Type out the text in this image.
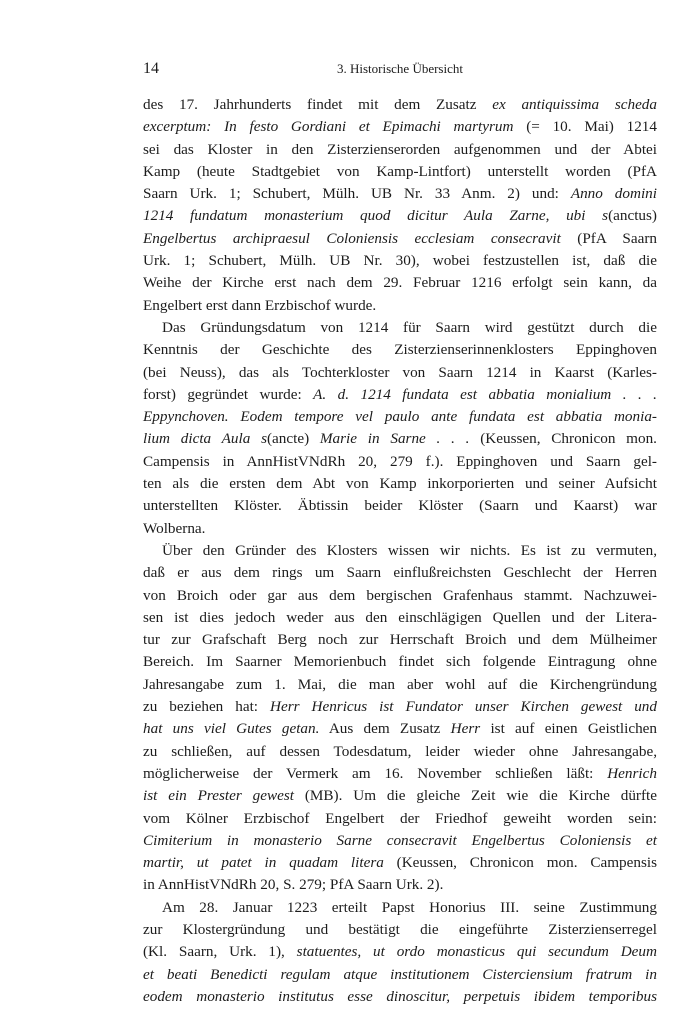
14	3. Historische Übersicht
des 17. Jahrhunderts findet mit dem Zusatz ex antiquissima scheda
excerptum: In festo Gordiani et Epimachi martyrum (= 10. Mai) 1214
sei das Kloster in den Zisterzienserorden aufgenommen und der Abtei
Kamp (heute Stadtgebiet von Kamp-Lintfort) unterstellt worden (PfA
Saarn Urk. 1; Schubert, Mülh. UB Nr. 33 Anm. 2) und: Anno domini
1214 fundatum monasterium quod dicitur Aula Zarne, ubi s(anctus)
Engelbertus archipraesul Coloniensis ecclesiam consecravit (PfA Saarn
Urk. 1; Schubert, Mülh. UB Nr. 30), wobei festzustellen ist, daß die
Weihe der Kirche erst nach dem 29. Februar 1216 erfolgt sein kann, da
Engelbert erst dann Erzbischof wurde.
Das Gründungsdatum von 1214 für Saarn wird gestützt durch die
Kenntnis der Geschichte des Zisterzienserinnenklosters Eppinghoven
(bei Neuss), das als Tochterkloster von Saarn 1214 in Kaarst (Karles-
forst) gegründet wurde: A. d. 1214 fundata est abbatia monialium . . .
Eppynchoven. Eodem tempore vel paulo ante fundata est abbatia monia-
lium dicta Aula s(ancte) Marie in Sarne . . . (Keussen, Chronicon mon.
Campensis in AnnHistVNdRh 20, 279 f.). Eppinghoven und Saarn gel-
ten als die ersten dem Abt von Kamp inkorporierten und seiner Aufsicht
unterstellten Klöster. Äbtissin beider Klöster (Saarn und Kaarst) war
Wolberna.
Über den Gründer des Klosters wissen wir nichts. Es ist zu vermuten,
daß er aus dem rings um Saarn einflußreichsten Geschlecht der Herren
von Broich oder gar aus dem bergischen Grafenhaus stammt. Nachzuwei-
sen ist dies jedoch weder aus den einschlägigen Quellen und der Litera-
tur zur Grafschaft Berg noch zur Herrschaft Broich und dem Mülheimer
Bereich. Im Saarner Memorienbuch findet sich folgende Eintragung ohne
Jahresangabe zum 1. Mai, die man aber wohl auf die Kirchengründung
zu beziehen hat: Herr Henricus ist Fundator unser Kirchen gewest und
hat uns viel Gutes getan. Aus dem Zusatz Herr ist auf einen Geistlichen
zu schließen, auf dessen Todesdatum, leider wieder ohne Jahresangabe,
möglicherweise der Vermerk am 16. November schließen läßt: Henrich
ist ein Prester gewest (MB). Um die gleiche Zeit wie die Kirche dürfte
vom Kölner Erzbischof Engelbert der Friedhof geweiht worden sein:
Cimiterium in monasterio Sarne consecravit Engelbertus Coloniensis et
martir, ut patet in quadam litera (Keussen, Chronicon mon. Campensis
in AnnHistVNdRh 20, S. 279; PfA Saarn Urk. 2).
Am 28. Januar 1223 erteilt Papst Honorius III. seine Zustimmung
zur Klostergründung und bestätigt die eingeführte Zisterzienserregel
(Kl. Saarn, Urk. 1), statuentes, ut ordo monasticus qui secundum Deum
et beati Benedicti regulam atque institutionem Cisterciensium fratrum in
eodem monasterio institutus esse dinoscitur, perpetuis ibidem temporibus
